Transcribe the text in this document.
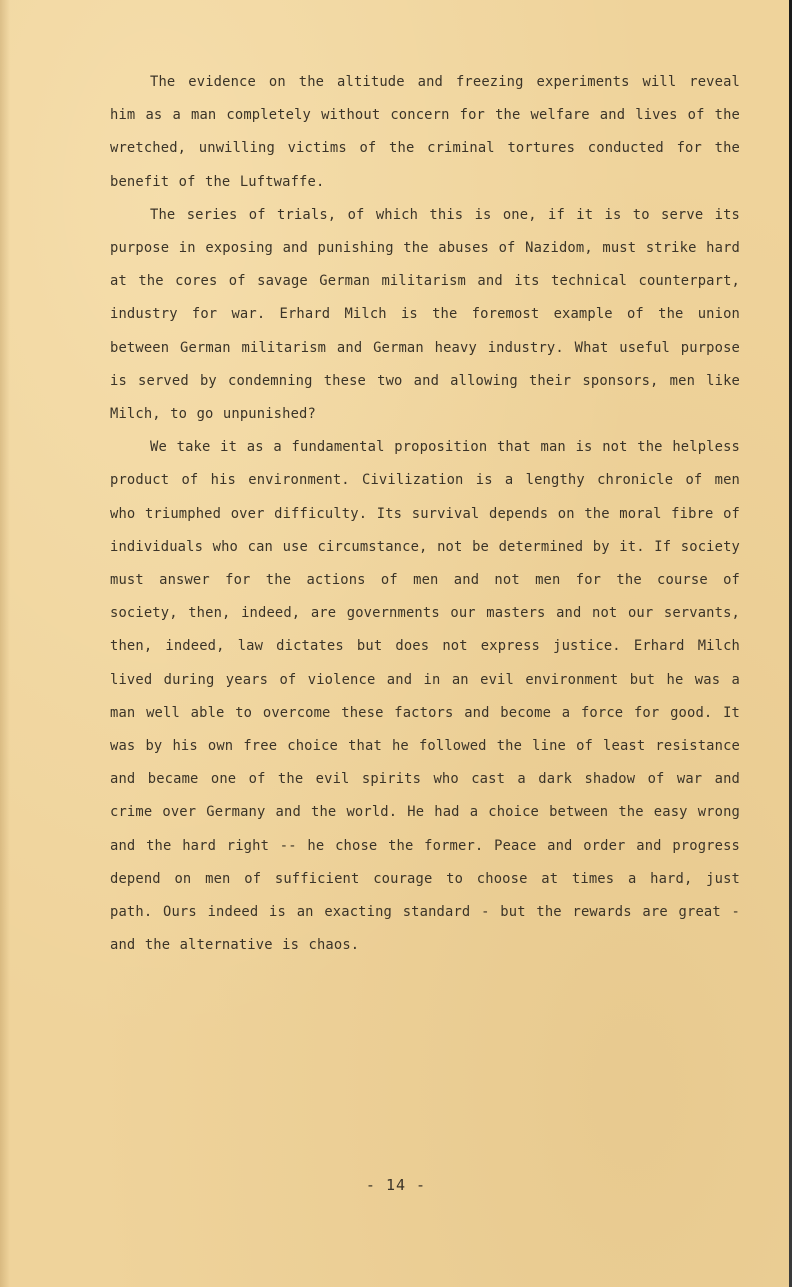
The evidence on the altitude and freezing experiments will reveal him as a man completely without concern for the welfare and lives of the wretched, unwilling victims of the criminal tortures conducted for the benefit of the Luftwaffe.

The series of trials, of which this is one, if it is to serve its purpose in exposing and punishing the abuses of Nazidom, must strike hard at the cores of savage German militarism and its technical counterpart, industry for war. Erhard Milch is the foremost example of the union between German militarism and German heavy industry. What useful purpose is served by condemning these two and allowing their sponsors, men like Milch, to go unpunished?

We take it as a fundamental proposition that man is not the helpless product of his environment. Civilization is a lengthy chronicle of men who triumphed over difficulty. Its survival depends on the moral fibre of individuals who can use circumstance, not be determined by it. If society must answer for the actions of men and not men for the course of society, then, indeed, are governments our masters and not our servants, then, indeed, law dictates but does not express justice. Erhard Milch lived during years of violence and in an evil environment but he was a man well able to overcome these factors and become a force for good. It was by his own free choice that he followed the line of least resistance and became one of the evil spirits who cast a dark shadow of war and crime over Germany and the world. He had a choice between the easy wrong and the hard right -- he chose the former. Peace and order and progress depend on men of sufficient courage to choose at times a hard, just path. Ours indeed is an exacting standard - but the rewards are great - and the alternative is chaos.

- 14 -
